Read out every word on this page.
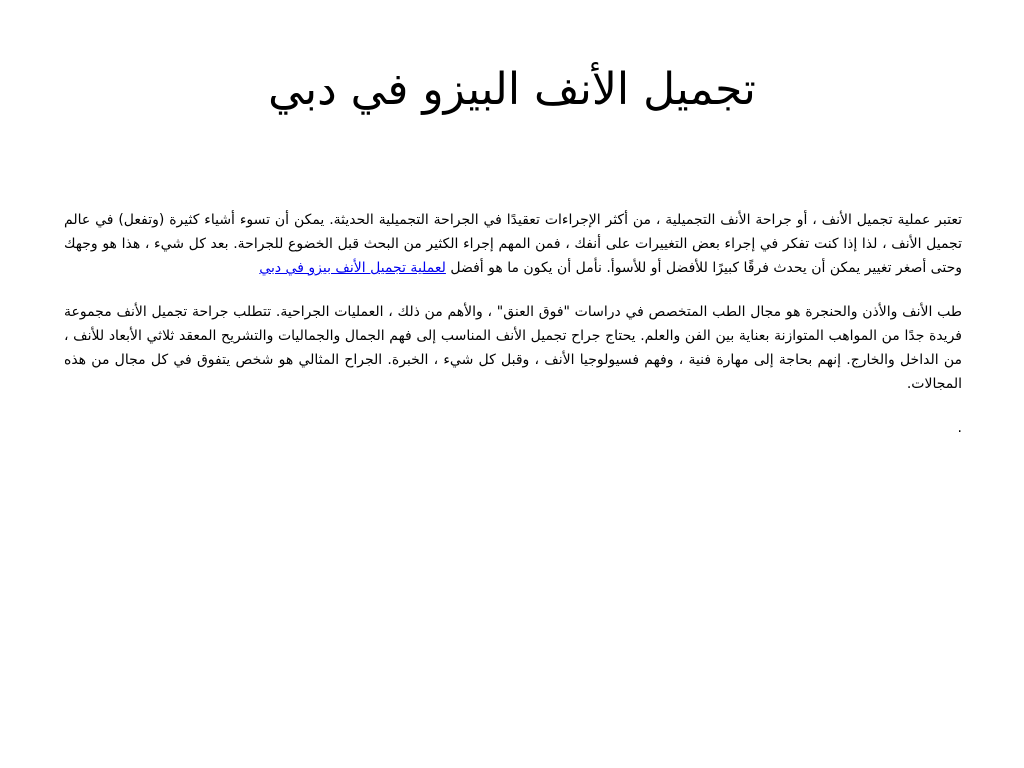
تجميل الأنف البيزو في دبي

تعتبر عملية تجميل الأنف ، أو جراحة الأنف التجميلية ، من أكثر الإجراءات تعقيدًا في الجراحة التجميلية الحديثة. يمكن أن تسوء أشياء كثيرة (وتفعل) في عالم تجميل الأنف ، لذا إذا كنت تفكر في إجراء بعض التغييرات على أنفك ، فمن المهم إجراء الكثير من البحث قبل الخضوع للجراحة. بعد كل شيء ، هذا هو وجهك وحتى أصغر تغيير يمكن أن يحدث فرقًا كبيرًا للأفضل أو للأسوأ. نأمل أن يكون ما هو أفضل لعملية تجميل الأنف بيزو في دبي

طب الأنف والأذن والحنجرة هو مجال الطب المتخصص في دراسات "فوق العنق" ، والأهم من ذلك ، العمليات الجراحية. تتطلب جراحة تجميل الأنف مجموعة فريدة جدًا من المواهب المتوازنة بعناية بين الفن والعلم. يحتاج جراح تجميل الأنف المناسب إلى فهم الجمال والجماليات والتشريح المعقد ثلاثي الأبعاد للأنف ، من الداخل والخارج. إنهم بحاجة إلى مهارة فنية ، وفهم فسيولوجيا الأنف ، وقبل كل شيء ، الخبرة. الجراح المثالي هو شخص يتفوق في كل مجال من هذه المجالات.

.
